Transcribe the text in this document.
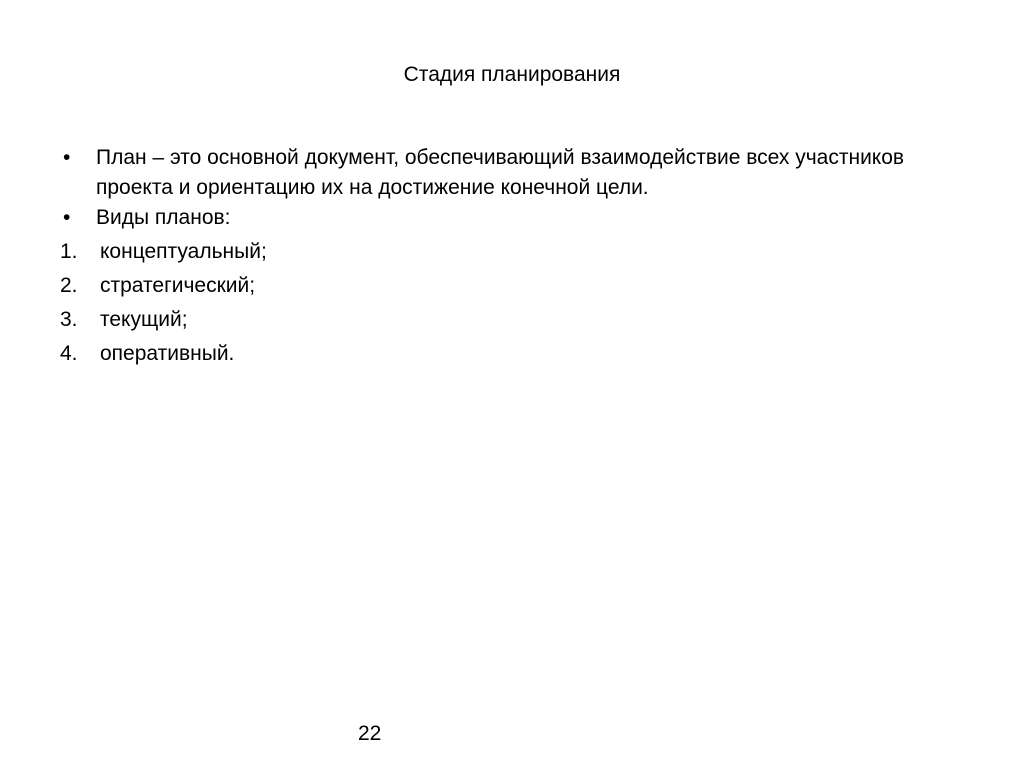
Стадия планирования
• План – это основной документ, обеспечивающий взаимодействие всех участников проекта и ориентацию их на достижение конечной цели.
• Виды планов:
1. концептуальный;
2. стратегический;
3. текущий;
4. оперативный.
22
